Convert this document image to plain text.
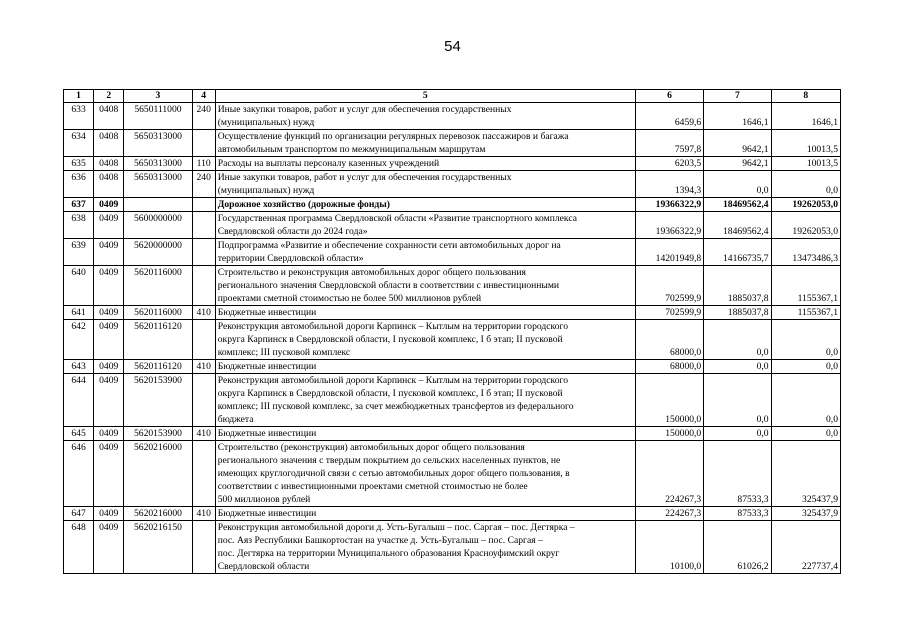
54
1	2	3	4	5	6	7	8
633	0408	5650111000	240	Иные закупки товаров, работ и услуг для обеспечения государственных
(муниципальных) нужд	6459,6	1646,1	1646,1
634	0408	5650313000		Осуществление функций по организации регулярных перевозок пассажиров и багажа
автомобильным транспортом по межмуниципальным маршрутам	7597,8	9642,1	10013,5
635	0408	5650313000	110	Расходы на выплаты персоналу казенных учреждений	6203,5	9642,1	10013,5
636	0408	5650313000	240	Иные закупки товаров, работ и услуг для обеспечения государственных
(муниципальных) нужд	1394,3	0,0	0,0
637	0409			Дорожное хозяйство (дорожные фонды)	19366322,9	18469562,4	19262053,0
638	0409	5600000000		Государственная программа Свердловской области «Развитие транспортного комплекса
Свердловской области до 2024 года»	19366322,9	18469562,4	19262053,0
639	0409	5620000000		Подпрограмма «Развитие и обеспечение сохранности сети автомобильных дорог на
территории Свердловской области»	14201949,8	14166735,7	13473486,3
640	0409	5620116000		Строительство и реконструкция автомобильных дорог общего пользования
регионального значения Свердловской области в соответствии с инвестиционными
проектами сметной стоимостью не более 500 миллионов рублей	702599,9	1885037,8	1155367,1
641	0409	5620116000	410	Бюджетные инвестиции	702599,9	1885037,8	1155367,1
642	0409	5620116120		Реконструкция автомобильной дороги Карпинск – Кытлым на территории городского
округа Карпинск в Свердловской области, I пусковой комплекс, I б этап; II пусковой
комплекс; III пусковой комплекс	68000,0	0,0	0,0
643	0409	5620116120	410	Бюджетные инвестиции	68000,0	0,0	0,0
644	0409	5620153900		Реконструкция автомобильной дороги Карпинск – Кытлым на территории городского
округа Карпинск в Свердловской области, I пусковой комплекс, I б этап; II пусковой
комплекс; III пусковой комплекс, за счет межбюджетных трансфертов из федерального
бюджета	150000,0	0,0	0,0
645	0409	5620153900	410	Бюджетные инвестиции	150000,0	0,0	0,0
646	0409	5620216000		Строительство (реконструкция) автомобильных дорог общего пользования
регионального значения с твердым покрытием до сельских населенных пунктов, не
имеющих круглогодичной связи с сетью автомобильных дорог общего пользования, в
соответствии с инвестиционными проектами сметной стоимостью не более
500 миллионов рублей	224267,3	87533,3	325437,9
647	0409	5620216000	410	Бюджетные инвестиции	224267,3	87533,3	325437,9
648	0409	5620216150		Реконструкция автомобильной дороги д. Усть-Бугалыш – пос. Саргая – пос. Дегтярка –
пос. Аяз Республики Башкортостан на участке д. Усть-Бугалыш – пос. Саргая –
пос. Дегтярка на территории Муниципального образования Красноуфимский округ
Свердловской области	10100,0	61026,2	227737,4
